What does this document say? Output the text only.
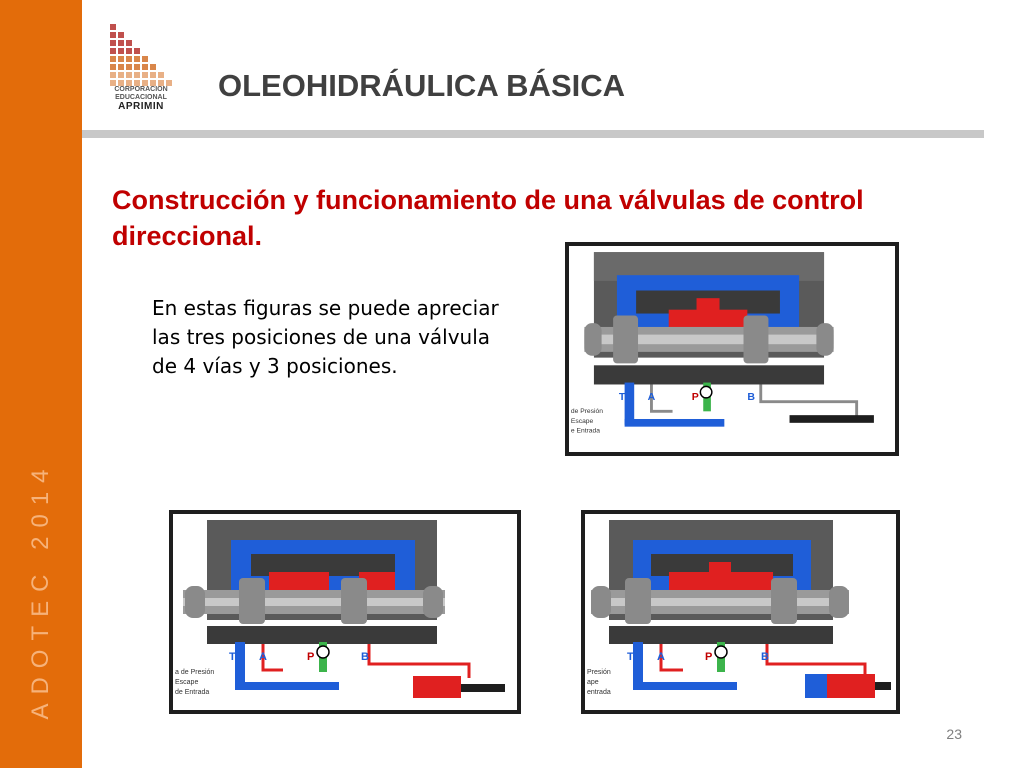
ADOTEC 2014
CORPORACION
EDUCACIONAL
APRIMIN
OLEOHIDRÁULICA BÁSICA
Construcción y funcionamiento de una válvulas de control direccional.

En estas figuras se puede apreciar las tres posiciones de una válvula de 4 vías y 3 posiciones.

T A	P	B
de Presión
Escape
e Entrada
T A	P	B
a de Presión
Escape
de Entrada
T A	P	B
Presión
ape
entrada
23
